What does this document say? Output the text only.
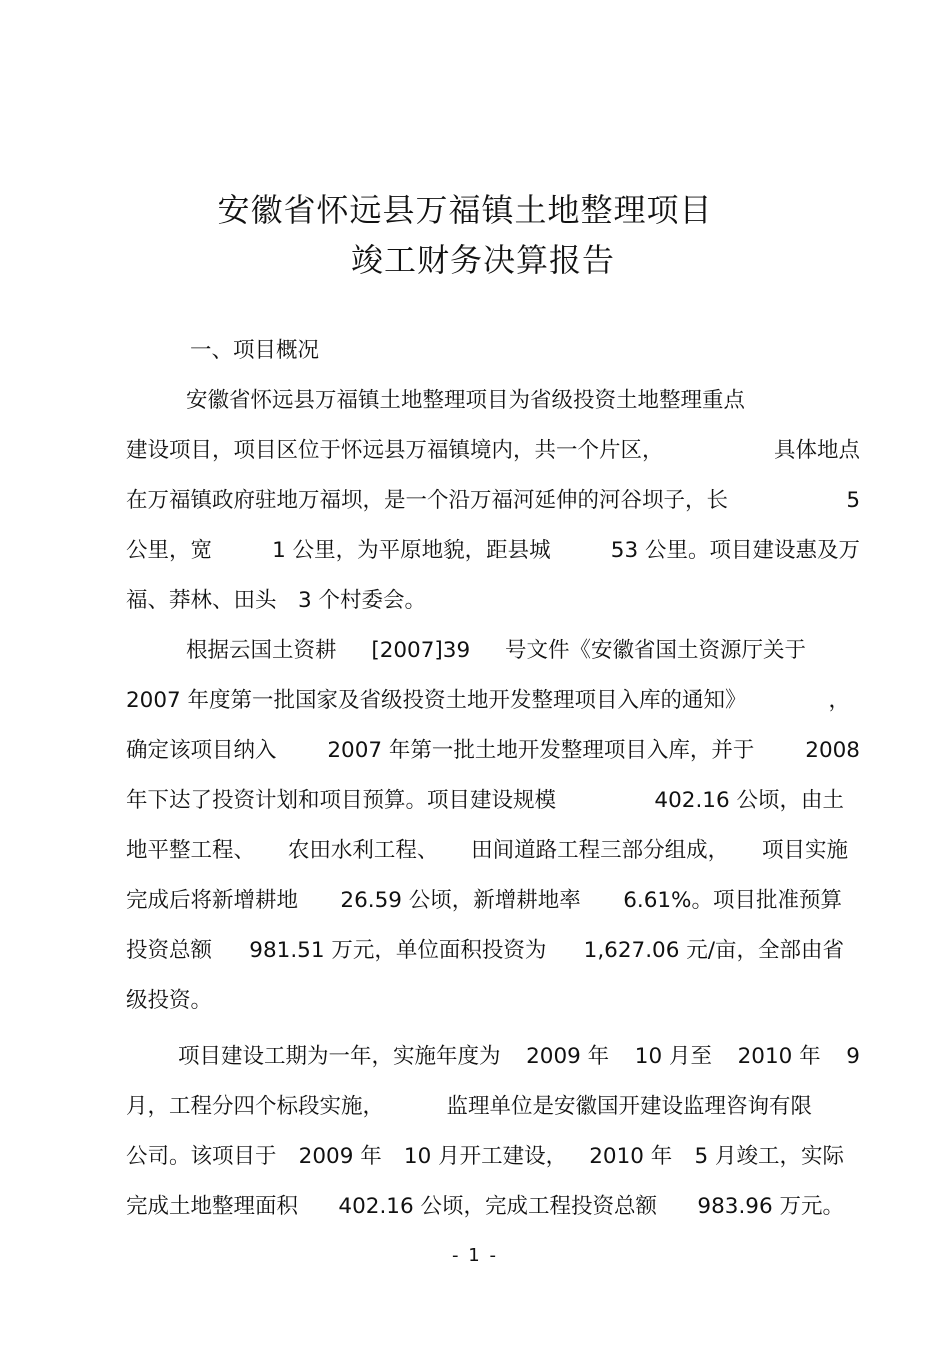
安徽省怀远县万福镇土地整理项目
竣工财务决算报告

一、项目概况

安徽省怀远县万福镇土地整理项目为省级投资土地整理重点

建设项目，项目区位于怀远县万福镇境内，共一个片区，	具体地点

在万福镇政府驻地万福坝，是一个沿万福河延伸的河谷坝子，长	5

公里，宽	1 公里，为平原地貌，距县城	53 公里。项目建设惠及万

福、莽林、田头　3 个村委会。

根据云国土资耕 [2007]39 号文件《安徽省国土资源厅关于

2007 年度第一批国家及省级投资土地开发整理项目入库的通知》	，

确定该项目纳入 2007 年第一批土地开发整理项目入库，并于 2008

年下达了投资计划和项目预算。项目建设规模	402.16 公顷，由土

地平整工程、 农田水利工程、 田间道路工程三部分组成， 项目实施

完成后将新增耕地 26.59 公顷，新增耕地率 6.61%。项目批准预算

投资总额 981.51 万元，单位面积投资为 1,627.06 元/亩，全部由省

级投资。

项目建设工期为一年，实施年度为 2009 年 10 月至 2010 年 9

月，工程分四个标段实施，	监理单位是安徽国开建设监理咨询有限

公司。该项目于 2009 年 10 月开工建设， 2010 年 5 月竣工，实际

完成土地整理面积 402.16 公顷，完成工程投资总额 983.96 万元。

- 1 -
